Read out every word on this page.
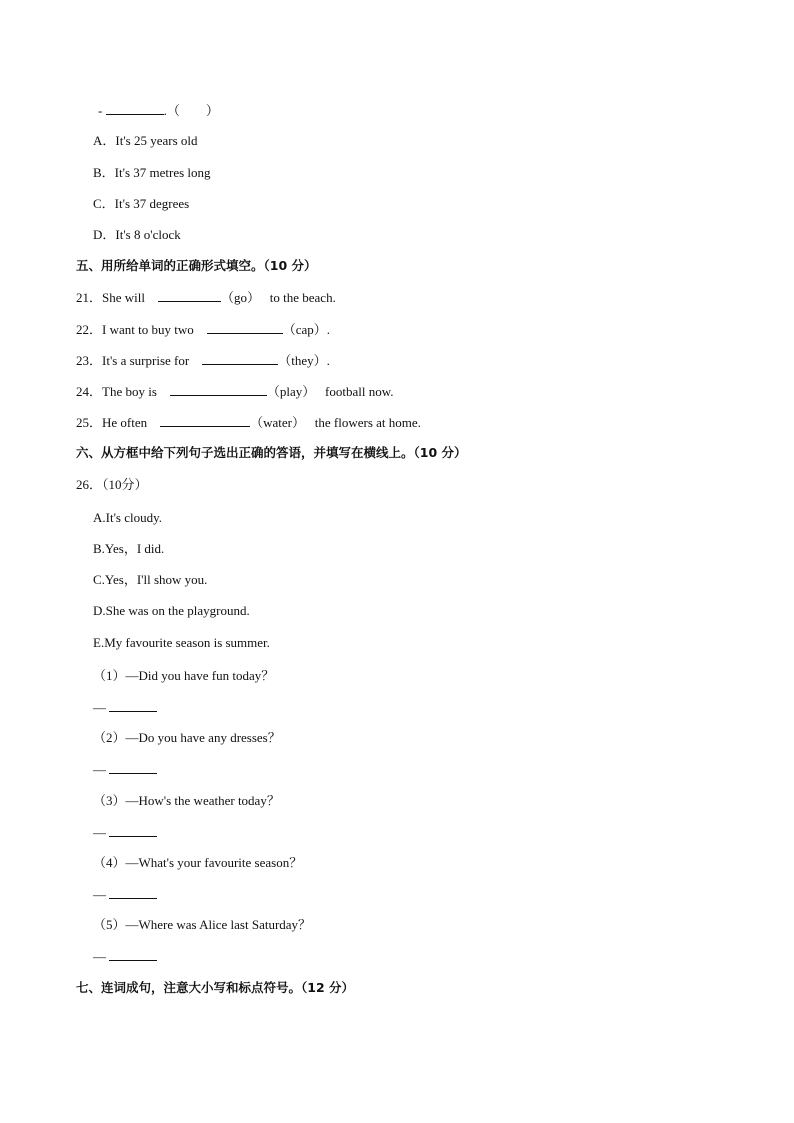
-	.（        ）
A．It's 25 years old
B．It's 37 metres long
C．It's 37 degrees
D．It's 8 o'clock
五、用所给单词的正确形式填空。（10 分）
21．She will	（go） to the beach.
22．I want to buy two	（cap）.
23．It's a surprise for	（they）.
24．The boy is	（play） football now.
25．He often	（water） the flowers at home.
六、从方框中给下列句子选出正确的答语，并填写在横线上。（10 分）
26．（10分）
A.It's cloudy.
B.Yes，I did.
C.Yes，I'll show you.
D.She was on the playground.
E.My favourite season is summer.
（1）—Did you have fun today？
—
（2）—Do you have any dresses？
—
（3）—How's the weather today？
—
（4）—What's your favourite season？
—
（5）—Where was Alice last Saturday？
—
七、连词成句，注意大小写和标点符号。（12 分）
